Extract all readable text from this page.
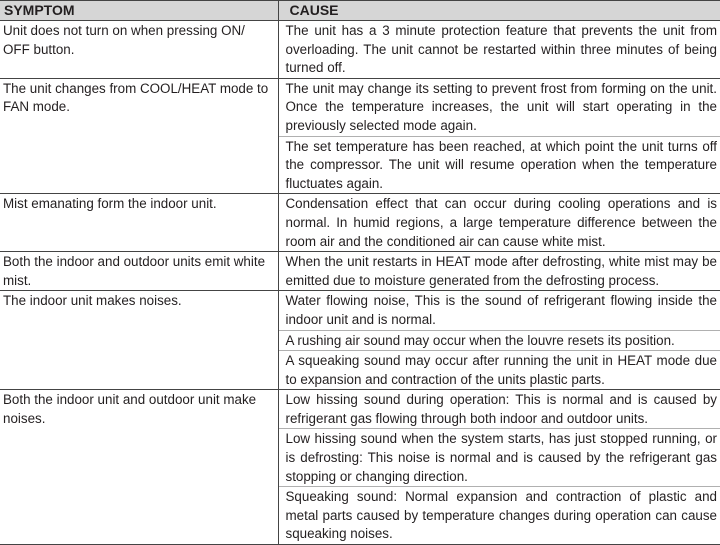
SYMPTOM	CAUSE
Unit does not turn on when pressing ON/ OFF button.	The unit has a 3 minute protection feature that prevents the unit from overloading. The unit cannot be restarted within three minutes of being turned off.
The unit changes from COOL/HEAT mode to FAN mode.	The unit may change its setting to prevent frost from forming on the unit. Once the temperature increases, the unit will start operating in the previously selected mode again.
	The set temperature has been reached, at which point the unit turns off the compressor. The unit will resume operation when the temperature fluctuates again.
Mist emanating form the indoor unit.	Condensation effect that can occur during cooling operations and is normal. In humid regions, a large temperature difference between the room air and the conditioned air can cause white mist.
Both the indoor and outdoor units emit white mist.	When the unit restarts in HEAT mode after defrosting, white mist may be emitted due to moisture generated from the defrosting process.
The indoor unit makes noises.	Water flowing noise, This is the sound of refrigerant flowing inside the indoor unit and is normal.
	A rushing air sound may occur when the louvre resets its position.
	A squeaking sound may occur after running the unit in HEAT mode due to expansion and contraction of the units plastic parts.
Both the indoor unit and outdoor unit make noises.	Low hissing sound during operation: This is normal and is caused by refrigerant gas flowing through both indoor and outdoor units.
	Low hissing sound when the system starts, has just stopped running, or is defrosting: This noise is normal and is caused by the refrigerant gas stopping or changing direction.
	Squeaking sound: Normal expansion and contraction of plastic and metal parts caused by temperature changes during operation can cause squeaking noises.
